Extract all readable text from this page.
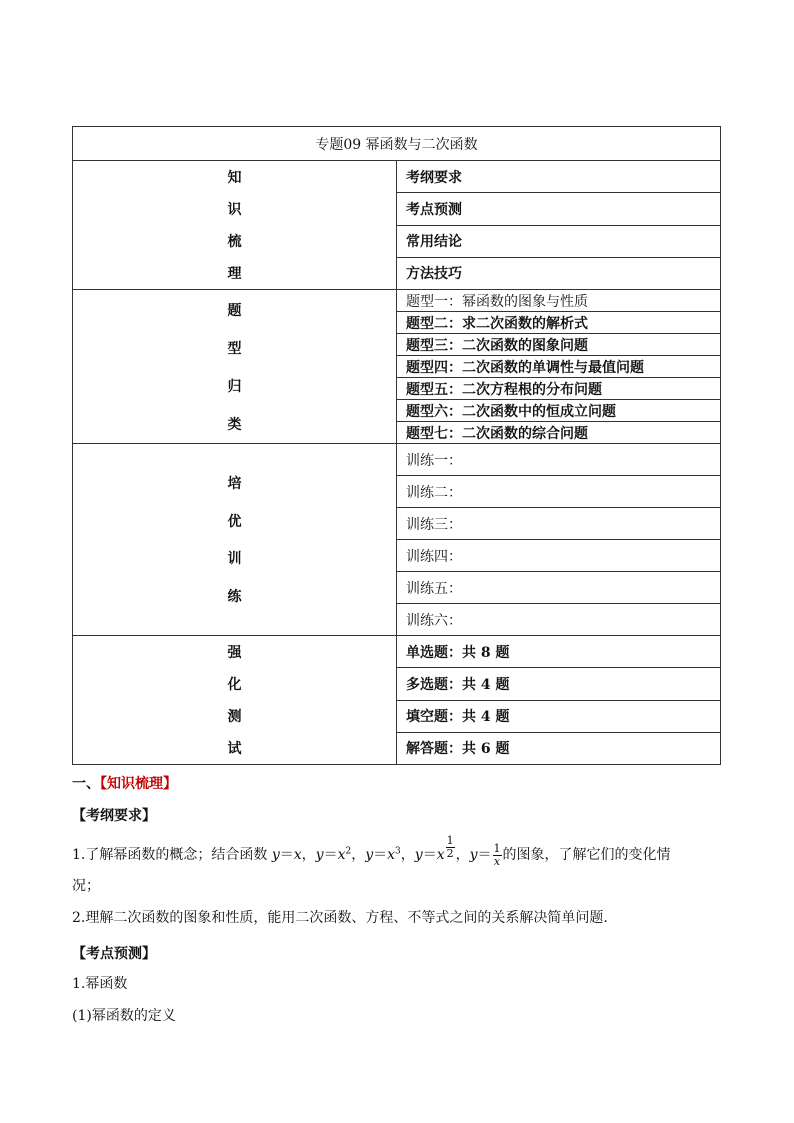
专题09 幂函数与二次函数	

知
识
梳
理	考纲要求
	考点预测
	常用结论
	方法技巧

题
型
归
类	题型一：幂函数的图象与性质
	题型二：求二次函数的解析式
	题型三：二次函数的图象问题
	题型四：二次函数的单调性与最值问题
	题型五：二次方程根的分布问题
	题型六：二次函数中的恒成立问题
	题型七：二次函数的综合问题

培
优
训
练	训练一：
	训练二：
	训练三：
	训练四：
	训练五：
	训练六：

强
化
测
试	单选题：共 8 题
	多选题：共 4 题
	填空题：共 4 题
	解答题：共 6 题
一、【知识梳理】
【考纲要求】
1.了解幂函数的概念；结合函数 y＝x，$y=x^2$，$y=x^3$，$y=x \frac{1}{2}$ ，$y= \frac{1}{x}$ 的图象，了解它们的变化情
况；
2.理解二次函数的图象和性质，能用二次函数、方程、不等式之间的关系解决简单问题.
【考点预测】
1.幂函数
(1)幂函数的定义
